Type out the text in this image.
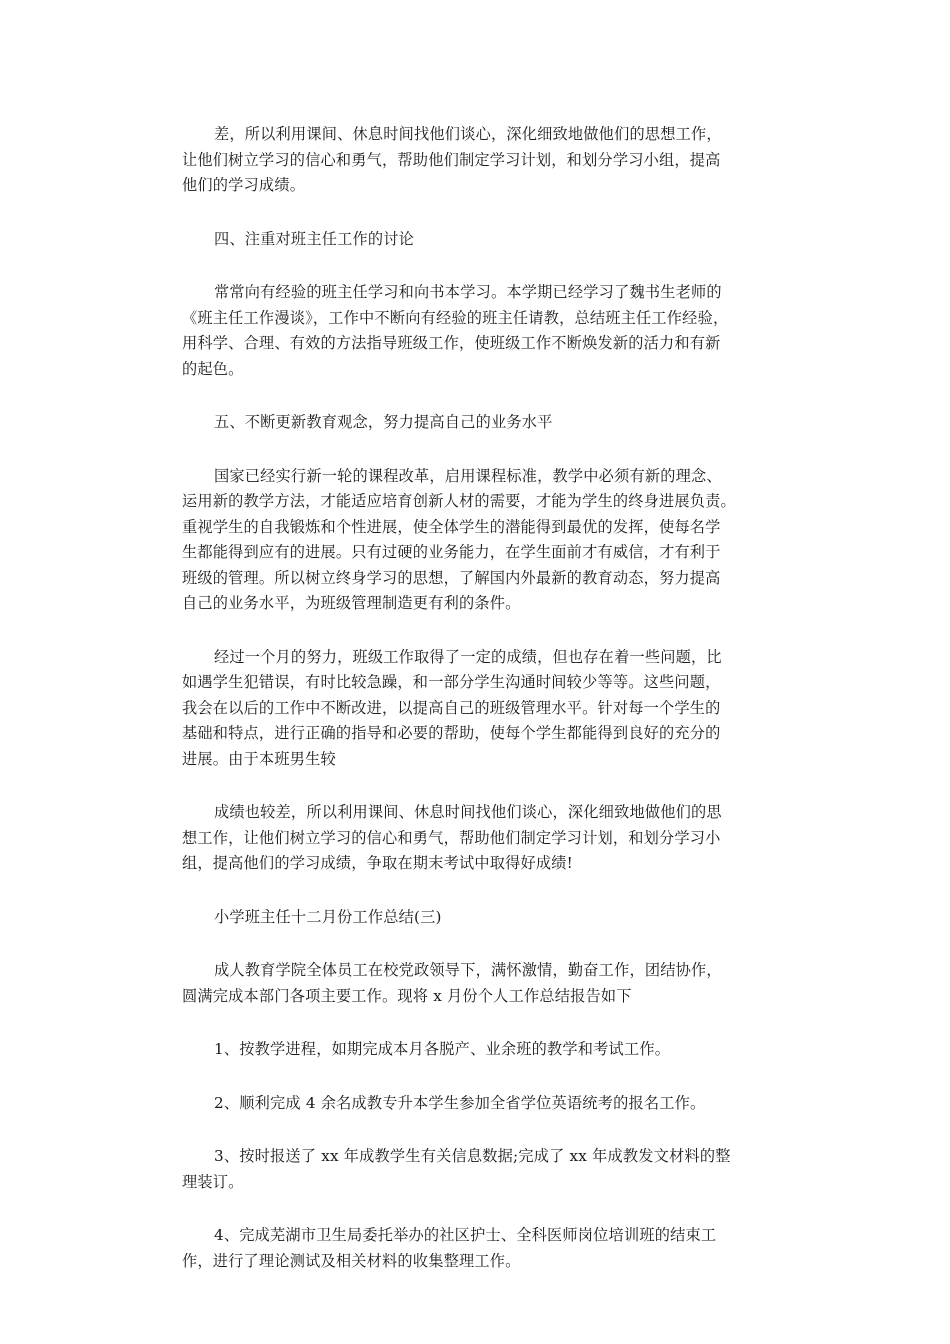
差，所以利用课间、休息时间找他们谈心，深化细致地做他们的思想工作，
让他们树立学习的信心和勇气，帮助他们制定学习计划，和划分学习小组，提高
他们的学习成绩。

四、注重对班主任工作的讨论

常常向有经验的班主任学习和向书本学习。本学期已经学习了魏书生老师的
《班主任工作漫谈》，工作中不断向有经验的班主任请教，总结班主任工作经验，
用科学、合理、有效的方法指导班级工作，使班级工作不断焕发新的活力和有新
的起色。

五、不断更新教育观念，努力提高自己的业务水平

国家已经实行新一轮的课程改革，启用课程标准，教学中必须有新的理念、
运用新的教学方法，才能适应培育创新人材的需要，才能为学生的终身进展负责。
重视学生的自我锻炼和个性进展，使全体学生的潜能得到最优的发挥，使每名学
生都能得到应有的进展。只有过硬的业务能力，在学生面前才有威信，才有利于
班级的管理。所以树立终身学习的思想，了解国内外最新的教育动态，努力提高
自己的业务水平，为班级管理制造更有利的条件。

经过一个月的努力，班级工作取得了一定的成绩，但也存在着一些问题，比
如遇学生犯错误，有时比较急躁，和一部分学生沟通时间较少等等。这些问题，
我会在以后的工作中不断改进，以提高自己的班级管理水平。针对每一个学生的
基础和特点，进行正确的指导和必要的帮助，使每个学生都能得到良好的充分的
进展。由于本班男生较

成绩也较差，所以利用课间、休息时间找他们谈心，深化细致地做他们的思
想工作，让他们树立学习的信心和勇气，帮助他们制定学习计划，和划分学习小
组，提高他们的学习成绩，争取在期末考试中取得好成绩!

小学班主任十二月份工作总结(三)

成人教育学院全体员工在校党政领导下，满怀激情，勤奋工作，团结协作，
圆满完成本部门各项主要工作。现将 x 月份个人工作总结报告如下

1、按教学进程，如期完成本月各脱产、业余班的教学和考试工作。

2、顺利完成 4 余名成教专升本学生参加全省学位英语统考的报名工作。

3、按时报送了 xx 年成教学生有关信息数据;完成了 xx 年成教发文材料的整
理装订。

4、完成芜湖市卫生局委托举办的社区护士、全科医师岗位培训班的结束工
作，进行了理论测试及相关材料的收集整理工作。
